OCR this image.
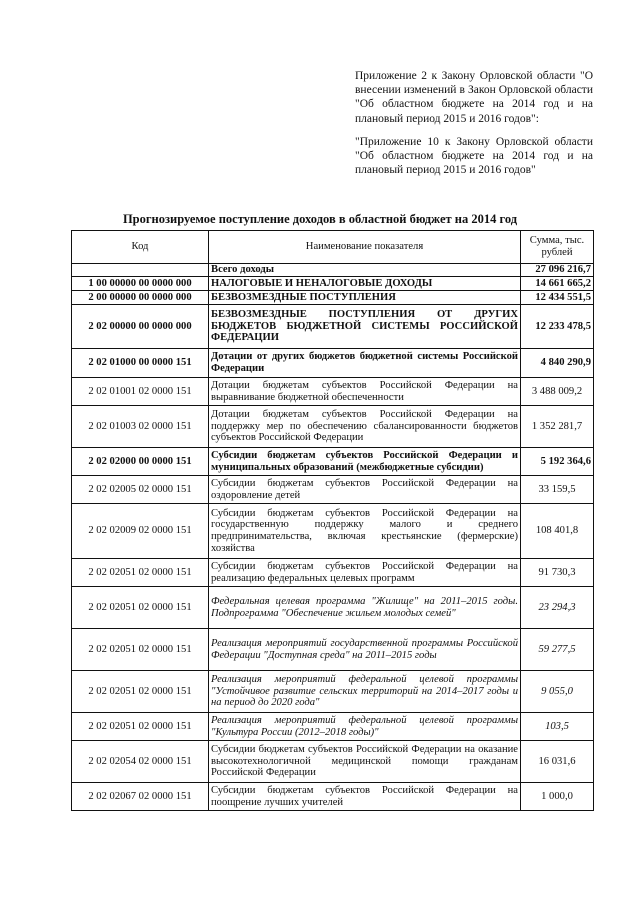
Приложение 2 к Закону Орловской области "О внесении изменений в Закон Орловской области "Об областном бюджете на 2014 год и на плановый период 2015 и 2016 годов":

"Приложение 10 к Закону Орловской области "Об областном бюджете на 2014 год и на плановый период 2015 и 2016 годов"

Прогнозируемое поступление доходов в областной бюджет на 2014 год
Код	Наименование показателя	Сумма, тыс. рублей
	Всего доходы	27 096 216,7
1 00 00000 00 0000 000	НАЛОГОВЫЕ И НЕНАЛОГОВЫЕ ДОХОДЫ	14 661 665,2
2 00 00000 00 0000 000	БЕЗВОЗМЕЗДНЫЕ ПОСТУПЛЕНИЯ	12 434 551,5
2 02 00000 00 0000 000	БЕЗВОЗМЕЗДНЫЕ ПОСТУПЛЕНИЯ ОТ ДРУГИХ БЮДЖЕТОВ БЮДЖЕТНОЙ СИСТЕМЫ РОССИЙСКОЙ ФЕДЕРАЦИИ	12 233 478,5
2 02 01000 00 0000 151	Дотации от других бюджетов бюджетной системы Российской Федерации	4 840 290,9
2 02 01001 02 0000 151	Дотации бюджетам субъектов Российской Федерации на выравнивание бюджетной обеспеченности	3 488 009,2
2 02 01003 02 0000 151	Дотации бюджетам субъектов Российской Федерации на поддержку мер по обеспечению сбалансированности бюджетов субъектов Российской Федерации	1 352 281,7
2 02 02000 00 0000 151	Субсидии бюджетам субъектов Российской Федерации и муниципальных образований (межбюджетные субсидии)	5 192 364,6
2 02 02005 02 0000 151	Субсидии бюджетам субъектов Российской Федерации на оздоровление детей	33 159,5
2 02 02009 02 0000 151	Субсидии бюджетам субъектов Российской Федерации на государственную поддержку малого и среднего предпринимательства, включая крестьянские (фермерские) хозяйства	108 401,8
2 02 02051 02 0000 151	Субсидии бюджетам субъектов Российской Федерации на реализацию федеральных целевых программ	91 730,3
2 02 02051 02 0000 151	Федеральная целевая программа "Жилище" на 2011–2015 годы. Подпрограмма "Обеспечение жильем молодых семей"	23 294,3
2 02 02051 02 0000 151	Реализация мероприятий государственной программы Российской Федерации "Доступная среда" на 2011–2015 годы	59 277,5
2 02 02051 02 0000 151	Реализация мероприятий федеральной целевой программы "Устойчивое развитие сельских территорий на 2014–2017 годы и на период до 2020 года"	9 055,0
2 02 02051 02 0000 151	Реализация мероприятий федеральной целевой программы "Культура России (2012–2018 годы)"	103,5
2 02 02054 02 0000 151	Субсидии бюджетам субъектов Российской Федерации на оказание высокотехнологичной медицинской помощи гражданам Российской Федерации	16 031,6
2 02 02067 02 0000 151	Субсидии бюджетам субъектов Российской Федерации на поощрение лучших учителей	1 000,0
